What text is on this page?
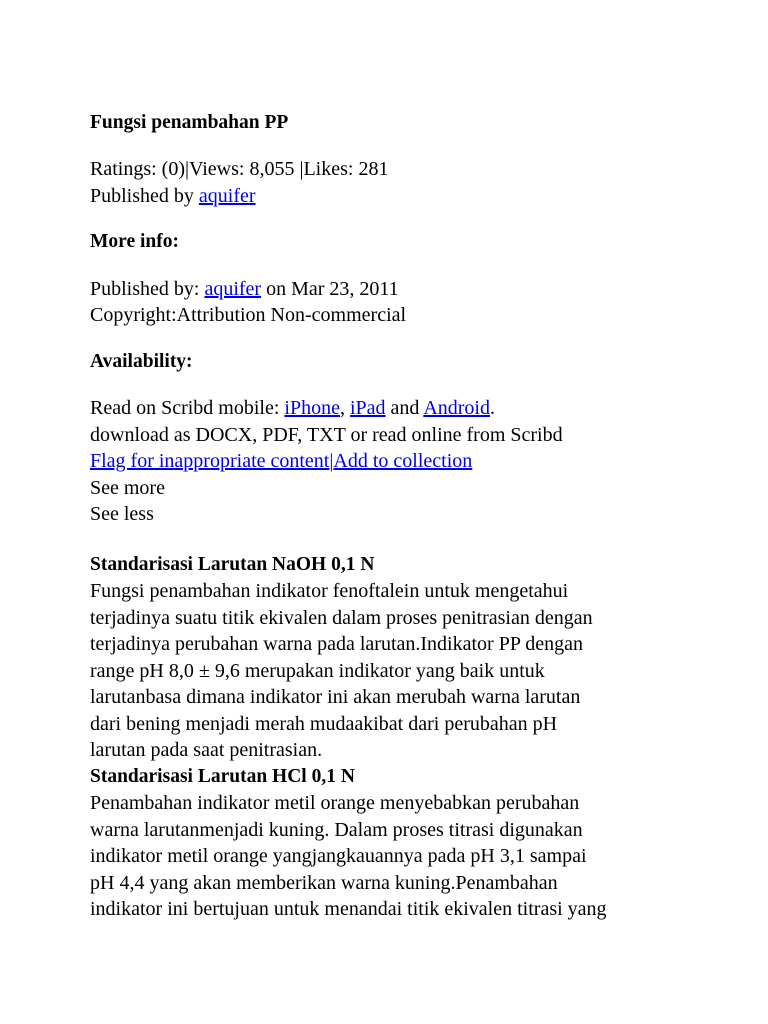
Fungsi penambahan PP
Ratings: (0)|Views: 8,055 |Likes: 281
Published by aquifer
More info:
Published by: aquifer on Mar 23, 2011
Copyright:Attribution Non-commercial
Availability:
Read on Scribd mobile: iPhone, iPad and Android.
download as DOCX, PDF, TXT or read online from Scribd
Flag for inappropriate content|Add to collection
See more
See less
Standarisasi Larutan NaOH 0,1 N
Fungsi penambahan indikator fenoftalein untuk mengetahui
terjadinya suatu titik ekivalen dalam proses penitrasian dengan
terjadinya perubahan warna pada larutan.Indikator PP dengan
range pH 8,0 ± 9,6 merupakan indikator yang baik untuk
larutanbasa dimana indikator ini akan merubah warna larutan
dari bening menjadi merah mudaakibat dari perubahan pH
larutan pada saat penitrasian.
Standarisasi Larutan HCl 0,1 N
Penambahan indikator metil orange menyebabkan perubahan
warna larutanmenjadi kuning. Dalam proses titrasi digunakan
indikator metil orange yangjangkauannya pada pH 3,1 sampai
pH 4,4 yang akan memberikan warna kuning.Penambahan
indikator ini bertujuan untuk menandai titik ekivalen titrasi yang
